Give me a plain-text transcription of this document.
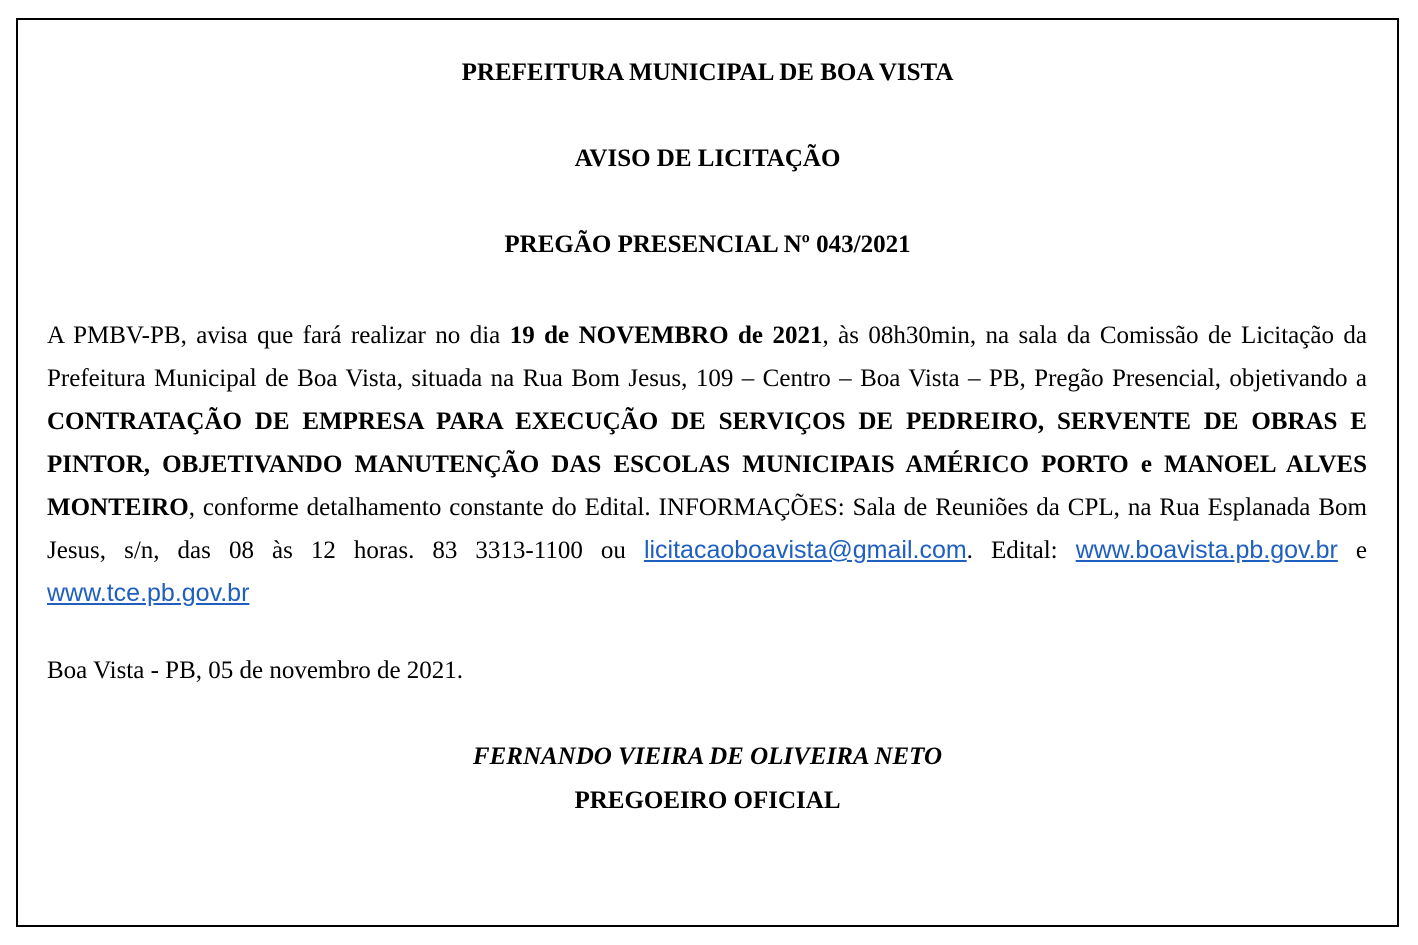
PREFEITURA MUNICIPAL DE BOA VISTA

AVISO DE LICITAÇÃO

PREGÃO PRESENCIAL Nº 043/2021

A PMBV-PB, avisa que fará realizar no dia 19 de NOVEMBRO de 2021, às 08h30min, na sala da Comissão de Licitação da Prefeitura Municipal de Boa Vista, situada na Rua Bom Jesus, 109 – Centro – Boa Vista – PB, Pregão Presencial, objetivando a CONTRATAÇÃO DE EMPRESA PARA EXECUÇÃO DE SERVIÇOS DE PEDREIRO, SERVENTE DE OBRAS E PINTOR, OBJETIVANDO MANUTENÇÃO DAS ESCOLAS MUNICIPAIS AMÉRICO PORTO e MANOEL ALVES MONTEIRO, conforme detalhamento constante do Edital. INFORMAÇÕES: Sala de Reuniões da CPL, na Rua Esplanada Bom Jesus, s/n, das 08 às 12 horas. 83 3313-1100 ou licitacaoboavista@gmail.com. Edital: www.boavista.pb.gov.br e www.tce.pb.gov.br

Boa Vista - PB, 05 de novembro de 2021.

FERNANDO VIEIRA DE OLIVEIRA NETO

PREGOEIRO OFICIAL
